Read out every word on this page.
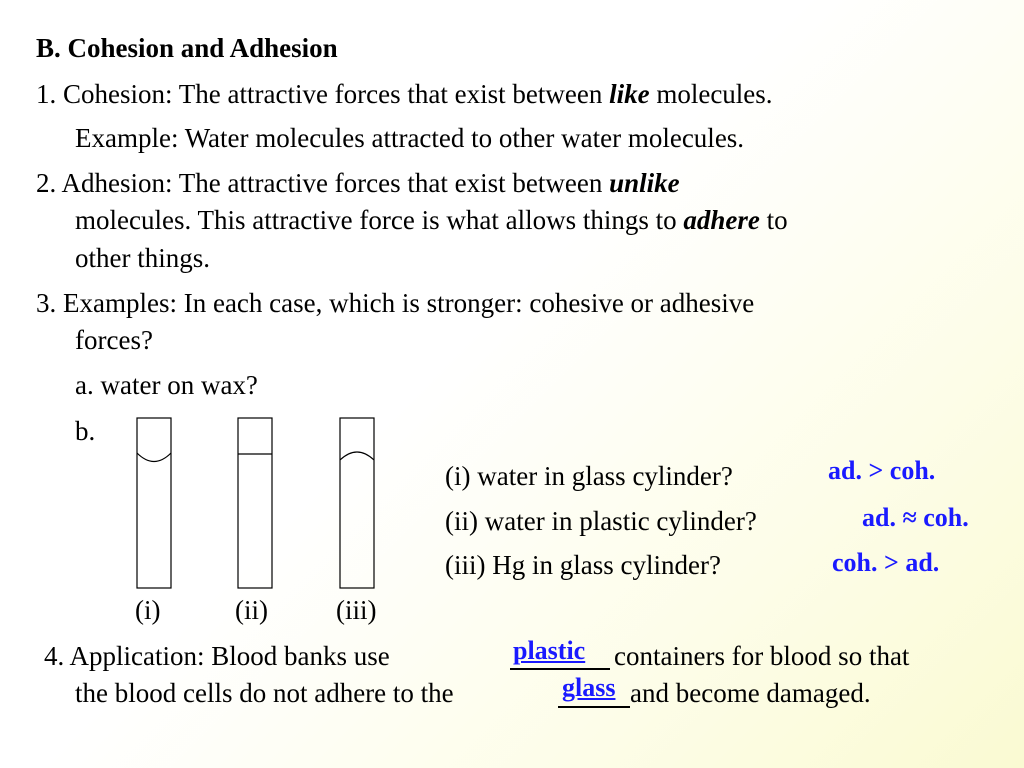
B. Cohesion and Adhesion
1. Cohesion: The attractive forces that exist between like molecules.
Example: Water molecules attracted to other water molecules.
2. Adhesion: The attractive forces that exist between unlike
molecules. This attractive force is what allows things to adhere to
other things.
3. Examples: In each case, which is stronger: cohesive or adhesive
forces?
a. water on wax?
b.
(i)	(ii)	(iii)
(i) water in glass cylinder?	ad. > coh.
(ii) water in plastic cylinder?	ad. ≈ coh.
(iii) Hg in glass cylinder?	coh. > ad.
4. Application: Blood banks use	plastic containers for blood so that
the blood cells do not adhere to the	glass and become damaged.
